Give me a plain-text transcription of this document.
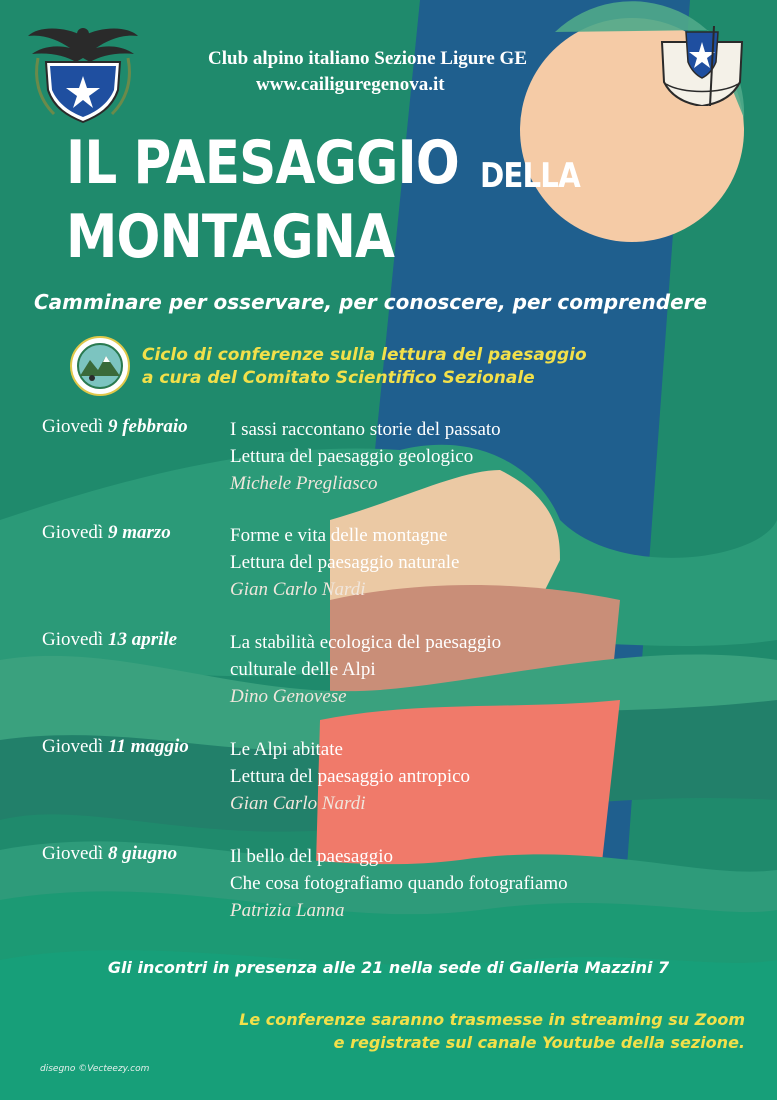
Club alpino italiano Sezione Ligure GE
www.cailiguregenova.it
IL PAESAGGIO DELLA
MONTAGNA
Camminare per osservare, per conoscere, per comprendere
Ciclo di conferenze sulla lettura del paesaggio
a cura del Comitato Scientifico Sezionale
Giovedì 9 febbraio I sassi raccontano storie del passato
Lettura del paesaggio geologico
Michele Pregliasco
Giovedì 9 marzo	Forme e vita delle montagne
Lettura del paesaggio naturale
Gian Carlo Nardi
Giovedì 13 aprile	La stabilità ecologica del paesaggio
culturale delle Alpi
Dino Genovese
Giovedì 11 maggio Le Alpi abitate
Lettura del paesaggio antropico
Gian Carlo Nardi
Giovedì 8 giugno	Il bello del paesaggio
Che cosa fotografiamo quando fotografiamo
Patrizia Lanna
Gli incontri in presenza alle 21 nella sede di Galleria Mazzini 7
Le conferenze saranno trasmesse in streaming su Zoom
e registrate sul canale Youtube della sezione.
disegno ©Vecteezy.com
